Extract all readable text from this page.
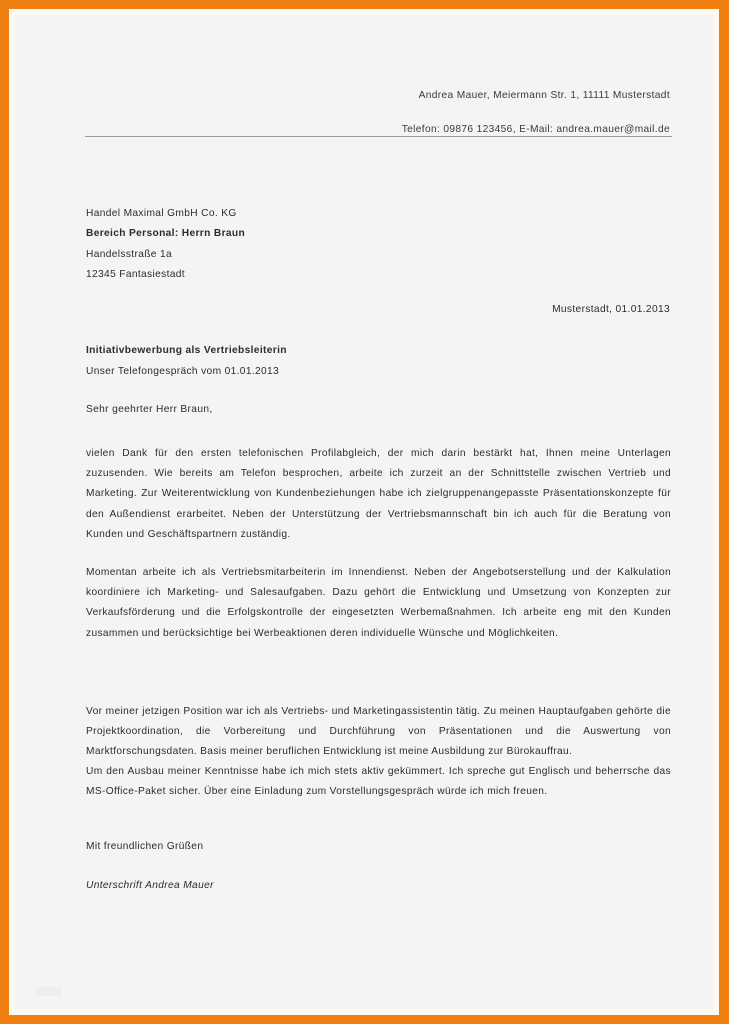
Andrea Mauer, Meiermann Str. 1, 11111 Musterstadt
Telefon: 09876 123456, E-Mail: andrea.mauer@mail.de
Handel Maximal GmbH Co. KG
Bereich Personal: Herrn Braun
Handelsstraße 1a
12345 Fantasiestadt
Musterstadt, 01.01.2013
Initiativbewerbung als Vertriebsleiterin
Unser Telefongespräch vom 01.01.2013
Sehr geehrter Herr Braun,
vielen Dank für den ersten telefonischen Profilabgleich, der mich darin bestärkt hat, Ihnen meine Unterlagen zuzusenden. Wie bereits am Telefon besprochen, arbeite ich zurzeit an der Schnittstelle zwischen Vertrieb und Marketing. Zur Weiterentwicklung von Kundenbeziehungen habe ich zielgruppenangepasste Präsentationskonzepte für den Außendienst erarbeitet. Neben der Unterstützung der Vertriebsmannschaft bin ich auch für die Beratung von Kunden und Geschäftspartnern zuständig.
Momentan arbeite ich als Vertriebsmitarbeiterin im Innendienst. Neben der Angebotserstellung und der Kalkulation koordiniere ich Marketing- und Salesaufgaben. Dazu gehört die Entwicklung und Umsetzung von Konzepten zur Verkaufsförderung und die Erfolgskontrolle der eingesetzten Werbemaßnahmen. Ich arbeite eng mit den Kunden zusammen und berücksichtige bei Werbeaktionen deren individuelle Wünsche und Möglichkeiten.
Vor meiner jetzigen Position war ich als Vertriebs- und Marketingassistentin tätig. Zu meinen Hauptaufgaben gehörte die Projektkoordination, die Vorbereitung und Durchführung von Präsentationen und die Auswertung von Marktforschungsdaten. Basis meiner beruflichen Entwicklung ist meine Ausbildung zur Bürokauffrau.
Um den Ausbau meiner Kenntnisse habe ich mich stets aktiv gekümmert. Ich spreche gut Englisch und beherrsche das MS-Office-Paket sicher. Über eine Einladung zum Vorstellungsgespräch würde ich mich freuen.
Mit freundlichen Grüßen
Unterschrift Andrea Mauer
